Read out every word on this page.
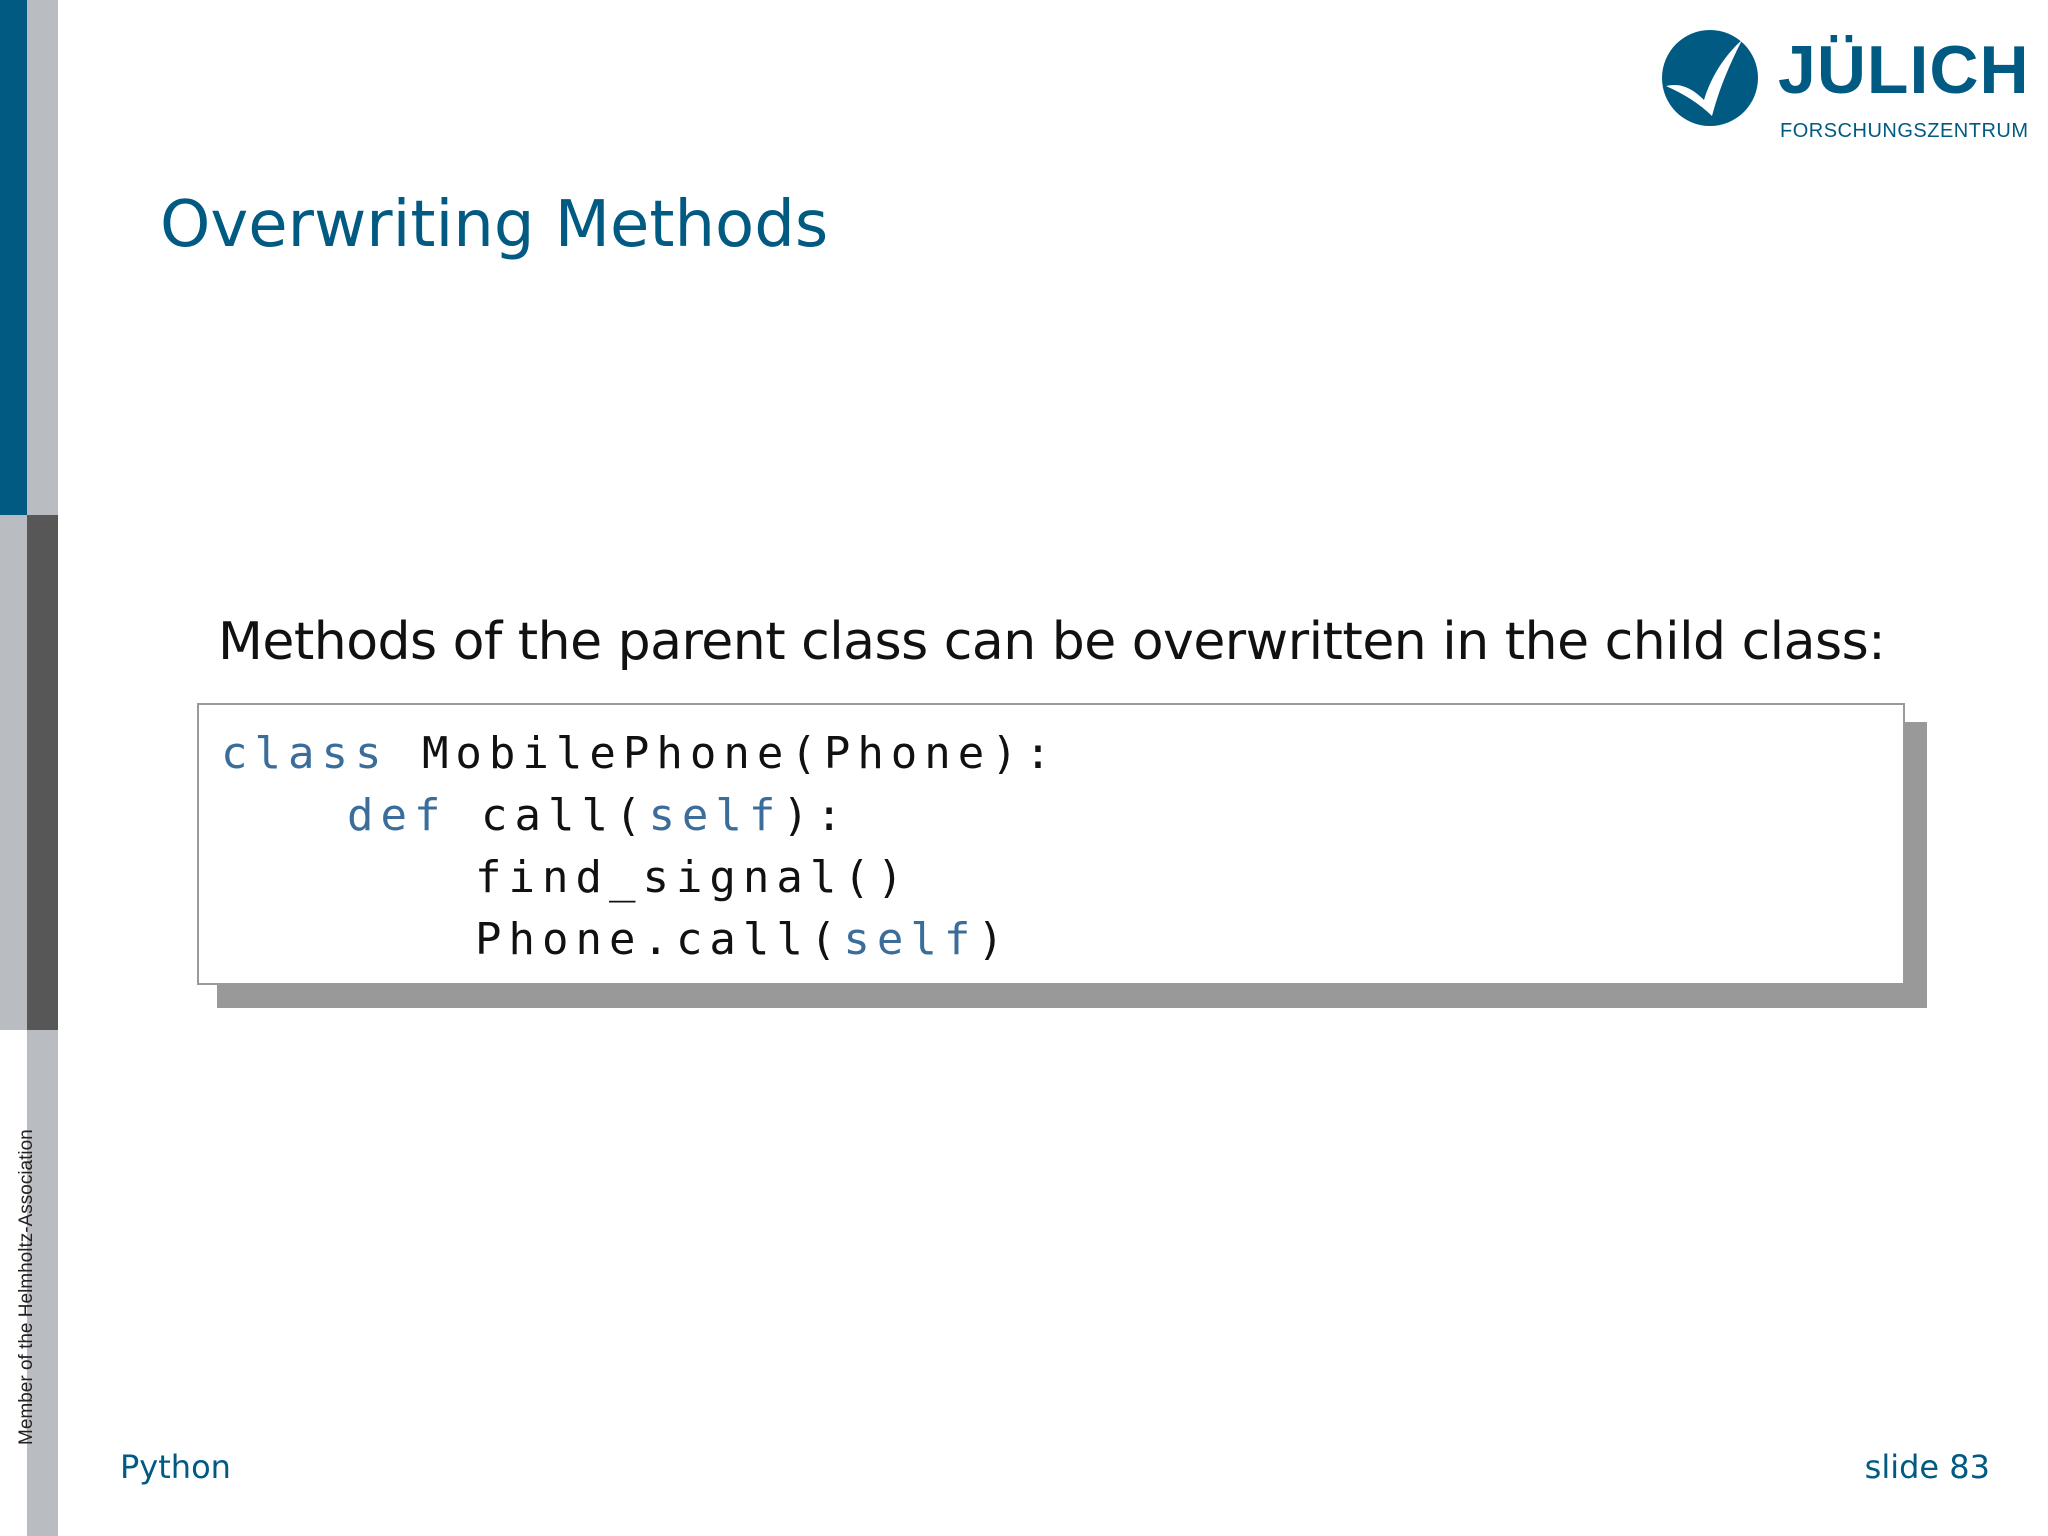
Member of the Helmholtz-Association
JÜLICH
FORSCHUNGSZENTRUM
Overwriting Methods
Methods of the parent class can be overwritten in the child class:
class MobilePhone(Phone):
def call(self):
find_signal()
Phone.call(self)
Python	slide 83
